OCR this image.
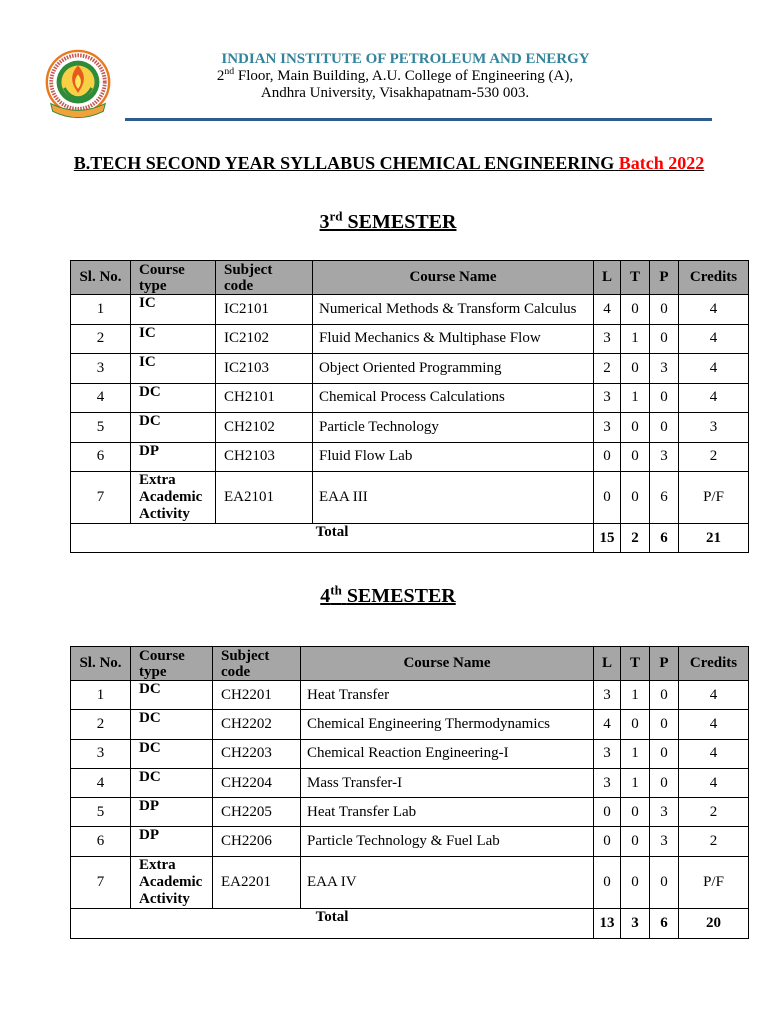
INDIAN INSTITUTE OF PETROLEUM AND ENERGY
2nd Floor, Main Building, A.U. College of Engineering (A),
Andhra University, Visakhapatnam-530 003.
B.TECH SECOND YEAR SYLLABUS CHEMICAL ENGINEERING Batch 2022
3rd SEMESTER
Sl. No.	Course type	Subject code	Course Name	L	T	P	Credits
1	IC	IC2101	Numerical Methods & Transform Calculus	4	0	0	4
2	IC	IC2102	Fluid Mechanics & Multiphase Flow	3	1	0	4
3	IC	IC2103	Object Oriented Programming	2	0	3	4
4	DC	CH2101	Chemical Process Calculations	3	1	0	4
5	DC	CH2102	Particle Technology	3	0	0	3
6	DP	CH2103	Fluid Flow Lab	0	0	3	2
7	Extra Academic Activity	EA2101	EAA III	0	0	6	P/F
Total				15	2	6	21
4th SEMESTER
Sl. No.	Course type	Subject code	Course Name	L	T	P	Credits
1	DC	CH2201	Heat Transfer	3	1	0	4
2	DC	CH2202	Chemical Engineering Thermodynamics	4	0	0	4
3	DC	CH2203	Chemical Reaction Engineering-I	3	1	0	4
4	DC	CH2204	Mass Transfer-I	3	1	0	4
5	DP	CH2205	Heat Transfer Lab	0	0	3	2
6	DP	CH2206	Particle Technology & Fuel Lab	0	0	3	2
7	Extra Academic Activity	EA2201	EAA IV	0	0	0	P/F
Total				13	3	6	20
